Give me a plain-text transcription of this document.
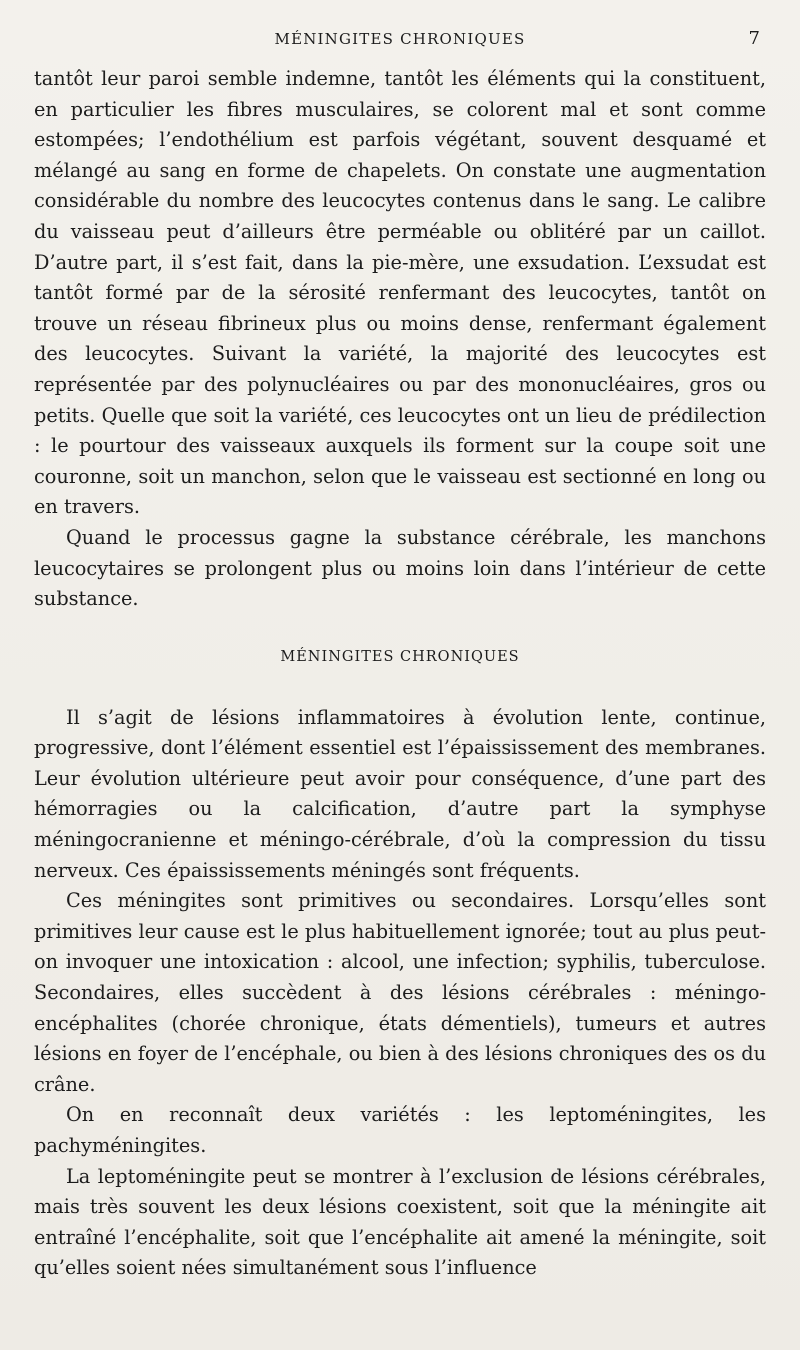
MÉNINGITES CHRONIQUES	7

tantôt leur paroi semble indemne, tantôt les éléments qui la constituent, en particulier les fibres musculaires, se colorent mal et sont comme estompées; l’endothélium est parfois végétant, souvent desquamé et mélangé au sang en forme de chapelets. On constate une augmentation considérable du nombre des leucocytes contenus dans le sang. Le calibre du vaisseau peut d’ailleurs être perméable ou oblitéré par un caillot. D’autre part, il s’est fait, dans la pie-mère, une exsudation. L’exsudat est tantôt formé par de la sérosité renfermant des leucocytes, tantôt on trouve un réseau fibrineux plus ou moins dense, renfermant également des leucocytes. Suivant la variété, la majorité des leucocytes est représentée par des polynucléaires ou par des mononucléaires, gros ou petits. Quelle que soit la variété, ces leucocytes ont un lieu de prédilection : le pourtour des vaisseaux auxquels ils forment sur la coupe soit une couronne, soit un manchon, selon que le vaisseau est sectionné en long ou en travers.

Quand le processus gagne la substance cérébrale, les manchons leucocytaires se prolongent plus ou moins loin dans l’intérieur de cette substance.

MÉNINGITES CHRONIQUES

Il s’agit de lésions inflammatoires à évolution lente, continue, progressive, dont l’élément essentiel est l’épaississement des membranes. Leur évolution ultérieure peut avoir pour conséquence, d’une part des hémorragies ou la calcification, d’autre part la symphyse méningocranienne et méningo-cérébrale, d’où la compression du tissu nerveux. Ces épaississements méningés sont fréquents.

Ces méningites sont primitives ou secondaires. Lorsqu’elles sont primitives leur cause est le plus habituellement ignorée; tout au plus peut-on invoquer une intoxication : alcool, une infection; syphilis, tuberculose. Secondaires, elles succèdent à des lésions cérébrales : méningo-encéphalites (chorée chronique, états démentiels), tumeurs et autres lésions en foyer de l’encéphale, ou bien à des lésions chroniques des os du crâne.

On en reconnaît deux variétés : les leptoméningites, les pachyméningites.

La leptoméningite peut se montrer à l’exclusion de lésions cérébrales, mais très souvent les deux lésions coexistent, soit que la méningite ait entraîné l’encéphalite, soit que l’encéphalite ait amené la méningite, soit qu’elles soient nées simultanément sous l’influence
